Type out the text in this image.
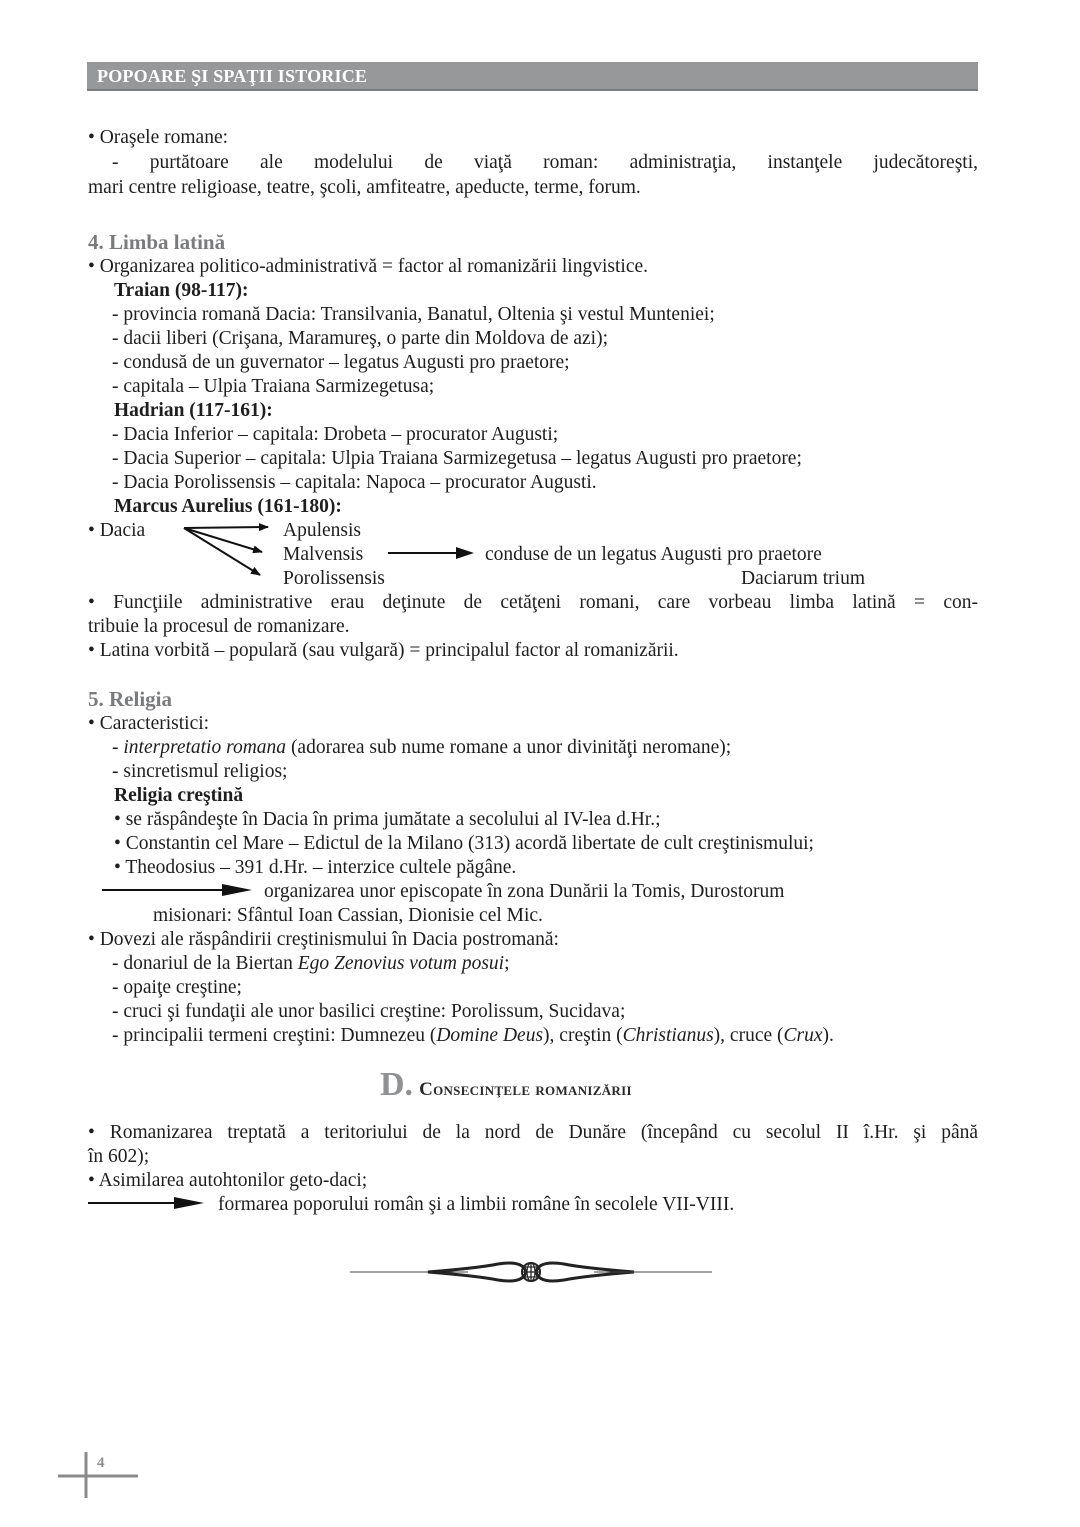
POPOARE ŞI SPAŢII ISTORICE
• Oraşele romane:
- purtătoare ale modelului de viaţă roman: administraţia, instanţele judecătoreşti,
mari centre religioase, teatre, şcoli, amfiteatre, apeducte, terme, forum.
4. Limba latină
• Organizarea politico-administrativă = factor al romanizării lingvistice.
Traian (98-117):
- provincia romană Dacia: Transilvania, Banatul, Oltenia şi vestul Munteniei;
- dacii liberi (Crişana, Maramureş, o parte din Moldova de azi);
- condusă de un guvernator – legatus Augusti pro praetore;
- capitala – Ulpia Traiana Sarmizegetusa;
Hadrian (117-161):
- Dacia Inferior – capitala: Drobeta – procurator Augusti;
- Dacia Superior – capitala: Ulpia Traiana Sarmizegetusa – legatus Augusti pro praetore;
- Dacia Porolissensis – capitala: Napoca – procurator Augusti.
Marcus Aurelius (161-180):
• Dacia	Apulensis
Malvensis
Porolissensis
conduse de un legatus Augusti pro praetore
Daciarum trium
• Funcţiile administrative erau deţinute de cetăţeni romani, care vorbeau limba latină = con-
tribuie la procesul de romanizare.
• Latina vorbită – populară (sau vulgară) = principalul factor al romanizării.
5. Religia
• Caracteristici:
- interpretatio romana (adorarea sub nume romane a unor divinităţi neromane);
- sincretismul religios;
Religia creştină
• se răspândeşte în Dacia în prima jumătate a secolului al IV-lea d.Hr.;
• Constantin cel Mare – Edictul de la Milano (313) acordă libertate de cult creştinismului;
• Theodosius – 391 d.Hr. – interzice cultele păgâne.
organizarea unor episcopate în zona Dunării la Tomis, Durostorum
misionari: Sfântul Ioan Cassian, Dionisie cel Mic.
• Dovezi ale răspândirii creştinismului în Dacia postromană:
- donariul de la Biertan Ego Zenovius votum posui;
- opaiţe creştine;
- cruci şi fundaţii ale unor basilici creştine: Porolissum, Sucidava;
- principalii termeni creştini: Dumnezeu (Domine Deus), creştin (Christianus), cruce (Crux).
D. Consecinţele romanizării
• Romanizarea treptată a teritoriului de la nord de Dunăre (începând cu secolul II î.Hr. şi până
în 602);
• Asimilarea autohtonilor geto-daci;
formarea poporului român şi a limbii române în secolele VII-VIII.
4
